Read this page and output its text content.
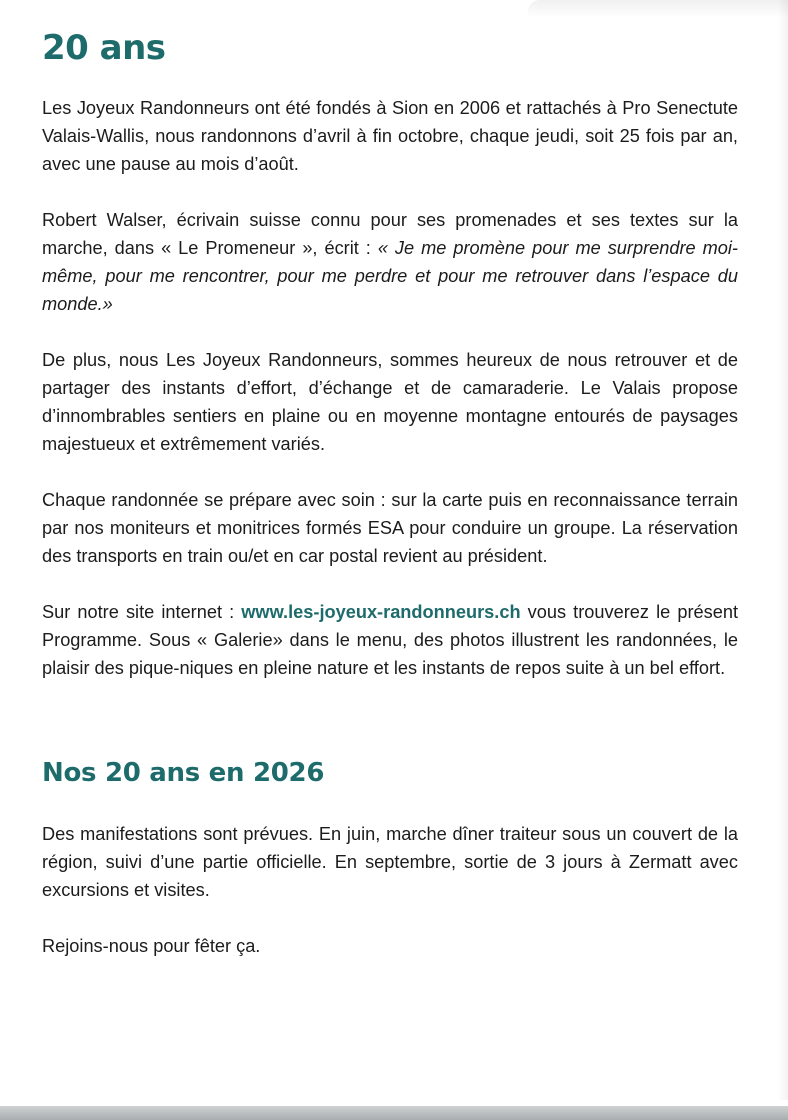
20 ans

Les Joyeux Randonneurs ont été fondés à Sion en 2006 et rattachés à Pro Senectute Valais-Wallis, nous randonnons d’avril à fin octobre, chaque jeudi, soit 25 fois par an, avec une pause au mois d’août.

Robert Walser, écrivain suisse connu pour ses promenades et ses textes sur la marche, dans « Le Promeneur », écrit : « Je me promène pour me surprendre moi-même, pour me rencontrer, pour me perdre et pour me retrouver dans l’espace du monde.»

De plus, nous Les Joyeux Randonneurs, sommes heureux de nous retrouver et de partager des instants d’effort, d’échange et de camaraderie. Le Valais propose d’innombrables sentiers en plaine ou en moyenne montagne entourés de paysages majestueux et extrêmement variés.

Chaque randonnée se prépare avec soin : sur la carte puis en reconnaissance terrain par nos moniteurs et monitrices formés ESA pour conduire un groupe. La réservation des transports en train ou/et en car postal revient au président.

Sur notre site internet : www.les-joyeux-randonneurs.ch vous trouverez le présent Programme. Sous « Galerie» dans le menu, des photos illustrent les randonnées, le plaisir des pique-niques en pleine nature et les instants de repos suite à un bel effort.

Nos 20 ans en 2026

Des manifestations sont prévues. En juin, marche dîner traiteur sous un couvert de la région, suivi d’une partie officielle. En septembre, sortie de 3 jours à Zermatt avec excursions et visites.

Rejoins-nous pour fêter ça.
